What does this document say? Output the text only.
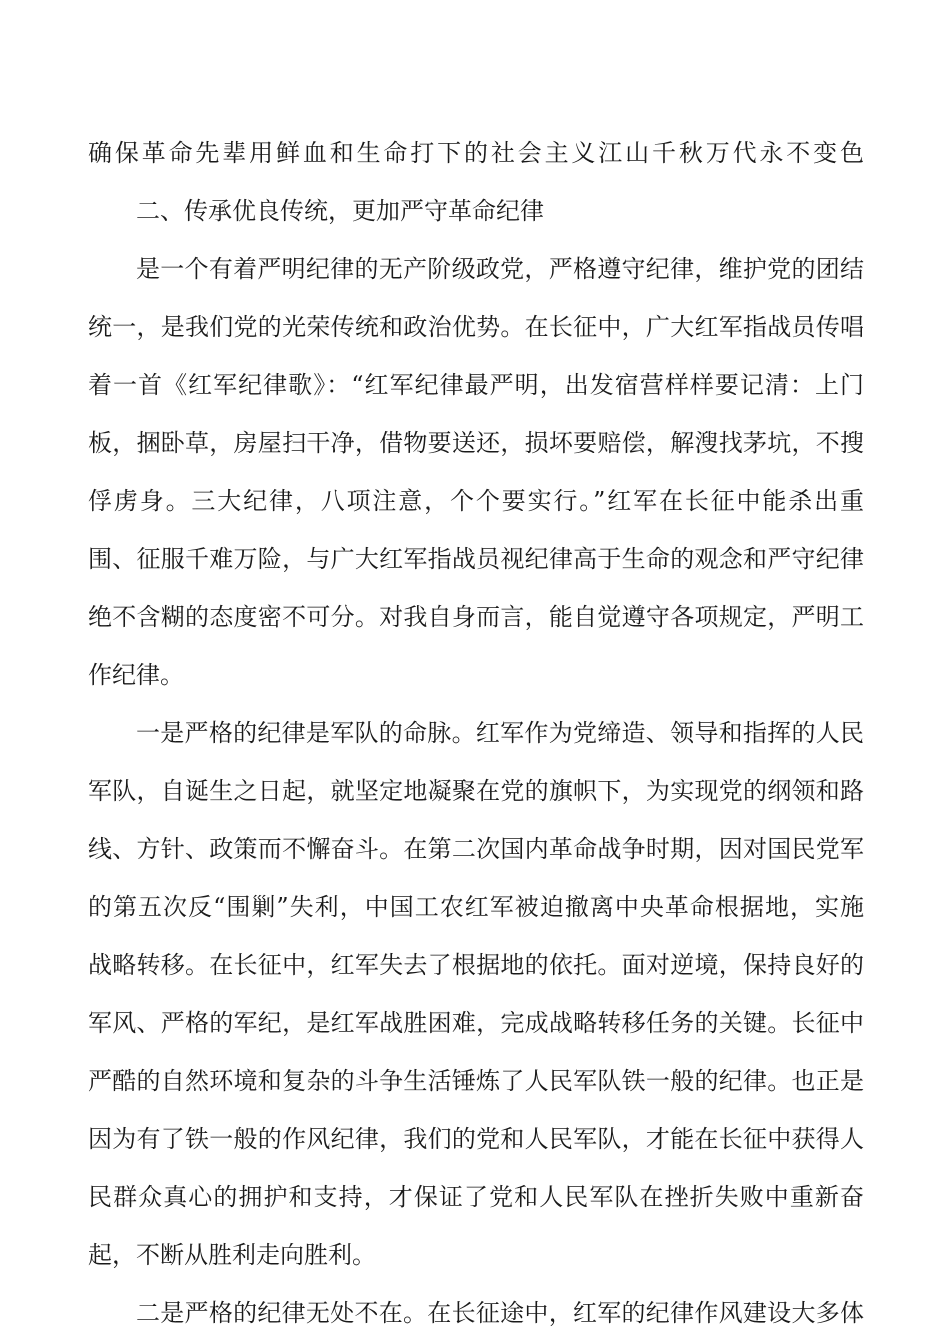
确保革命先辈用鲜血和生命打下的社会主义江山千秋万代永不变色
二、传承优良传统，更加严守革命纪律
是一个有着严明纪律的无产阶级政党，严格遵守纪律，维护党的团结
统一，是我们党的光荣传统和政治优势。在长征中，广大红军指战员传唱
着一首《红军纪律歌》：“红军纪律最严明，出发宿营样样要记清：上门
板，捆卧草，房屋扫干净，借物要送还，损坏要赔偿，解溲找茅坑，不搜
俘虏身。三大纪律，八项注意，个个要实行。”红军在长征中能杀出重
围、征服千难万险，与广大红军指战员视纪律高于生命的观念和严守纪律
绝不含糊的态度密不可分。对我自身而言，能自觉遵守各项规定，严明工
作纪律。
一是严格的纪律是军队的命脉。红军作为党缔造、领导和指挥的人民
军队，自诞生之日起，就坚定地凝聚在党的旗帜下，为实现党的纲领和路
线、方针、政策而不懈奋斗。在第二次国内革命战争时期，因对国民党军
的第五次反“围剿”失利，中国工农红军被迫撤离中央革命根据地，实施
战略转移。在长征中，红军失去了根据地的依托。面对逆境，保持良好的
军风、严格的军纪，是红军战胜困难，完成战略转移任务的关键。长征中
严酷的自然环境和复杂的斗争生活锤炼了人民军队铁一般的纪律。也正是
因为有了铁一般的作风纪律，我们的党和人民军队，才能在长征中获得人
民群众真心的拥护和支持，才保证了党和人民军队在挫折失败中重新奋
起，不断从胜利走向胜利。
二是严格的纪律无处不在。在长征途中，红军的纪律作风建设大多体
